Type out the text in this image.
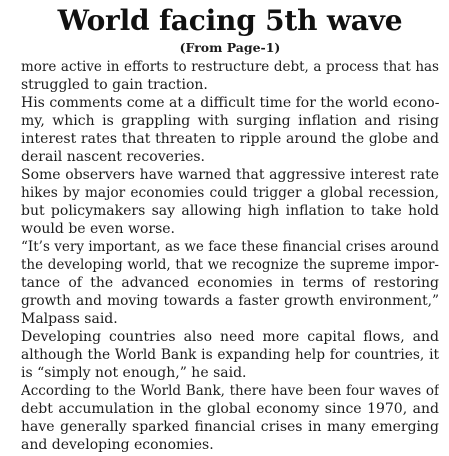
World facing 5th wave
(From Page-1)

more active in efforts to restructure debt, a process that has
struggled to gain traction.

His comments come at a difficult time for the world econo-
my, which is grappling with surging inflation and rising
interest rates that threaten to ripple around the globe and
derail nascent recoveries.

Some observers have warned that aggressive interest rate
hikes by major economies could trigger a global recession,
but policymakers say allowing high inflation to take hold
would be even worse.

“It’s very important, as we face these financial crises around
the developing world, that we recognize the supreme impor-
tance of the advanced economies in terms of restoring
growth and moving towards a faster growth environment,”
Malpass said.

Developing countries also need more capital flows, and
although the World Bank is expanding help for countries, it
is “simply not enough,” he said.

According to the World Bank, there have been four waves of
debt accumulation in the global economy since 1970, and
have generally sparked financial crises in many emerging
and developing economies.
